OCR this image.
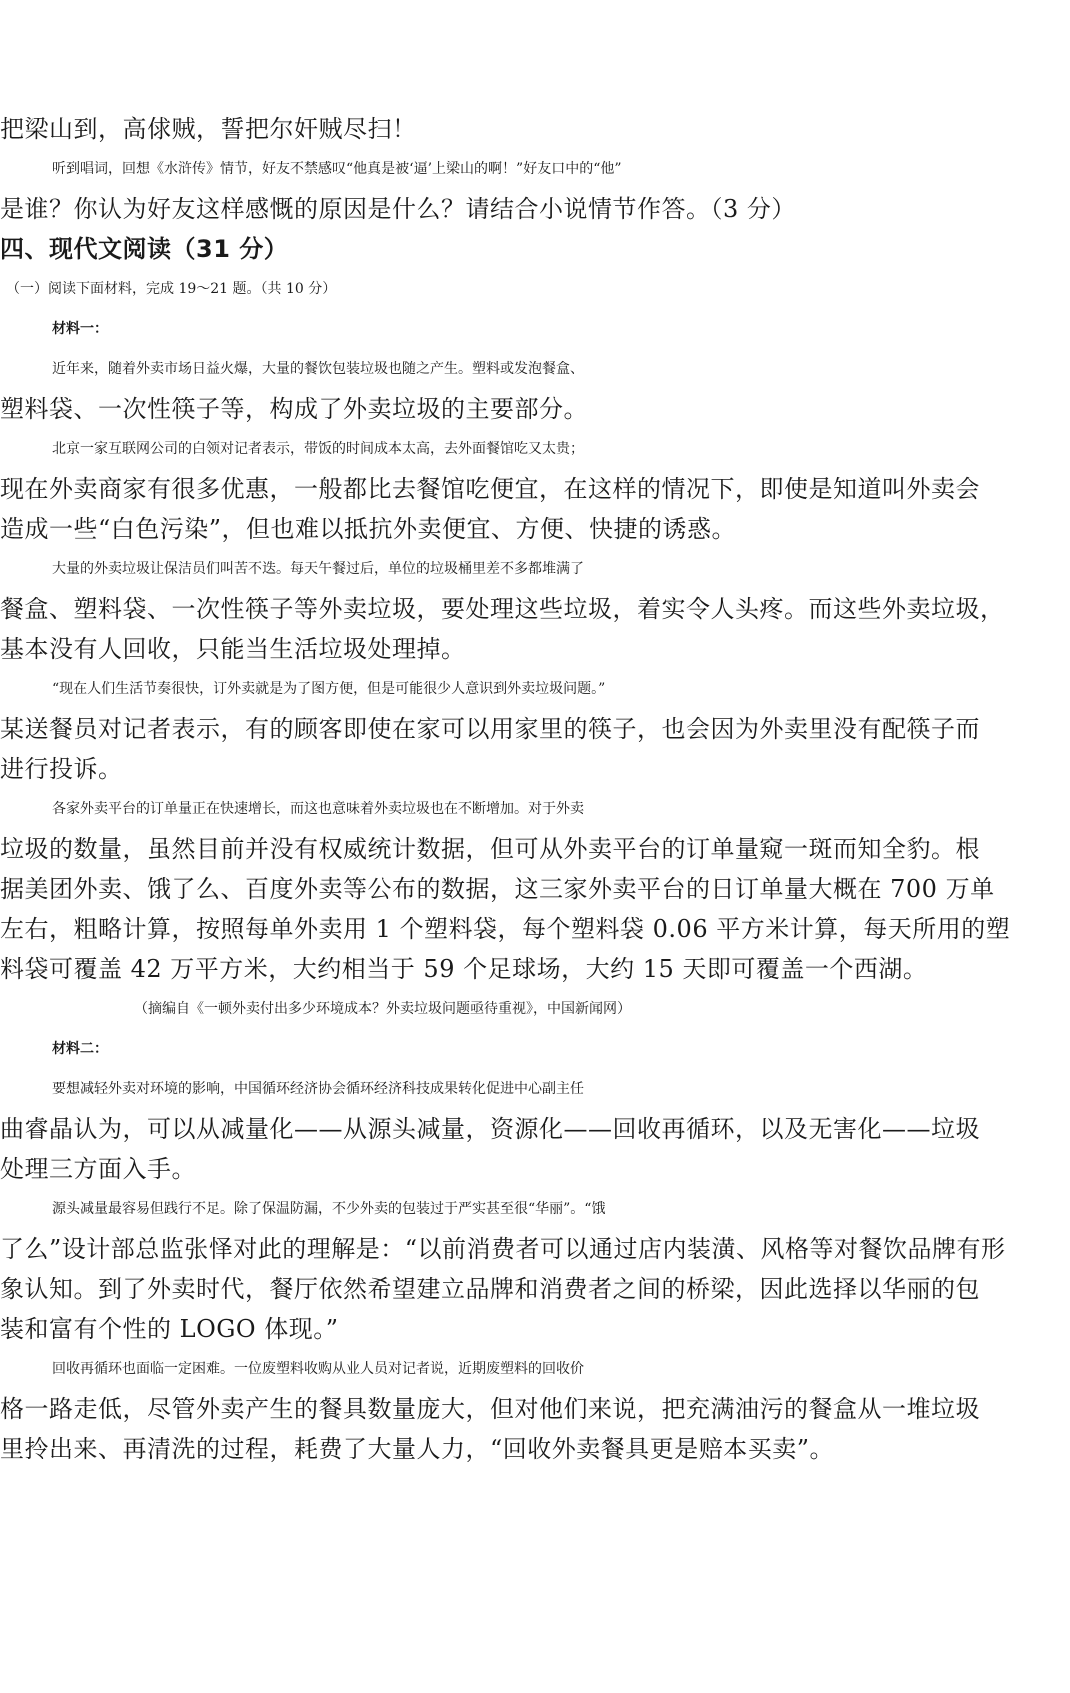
把梁山到，高俅贼，誓把尔奸贼尽扫！
听到唱词，回想《水浒传》情节，好友不禁感叹“他真是被‘逼’上梁山的啊！”好友口中的“他”
是谁？你认为好友这样感慨的原因是什么？请结合小说情节作答。（3 分）
四、现代文阅读（31 分）
（一）阅读下面材料，完成 19～21 题。（共 10 分）
材料一：
近年来，随着外卖市场日益火爆，大量的餐饮包装垃圾也随之产生。塑料或发泡餐盒、
塑料袋、一次性筷子等，构成了外卖垃圾的主要部分。
北京一家互联网公司的白领对记者表示，带饭的时间成本太高，去外面餐馆吃又太贵；
现在外卖商家有很多优惠，一般都比去餐馆吃便宜，在这样的情况下，即使是知道叫外卖会
造成一些“白色污染”，但也难以抵抗外卖便宜、方便、快捷的诱惑。
大量的外卖垃圾让保洁员们叫苦不迭。每天午餐过后，单位的垃圾桶里差不多都堆满了
餐盒、塑料袋、一次性筷子等外卖垃圾，要处理这些垃圾，着实令人头疼。而这些外卖垃圾，
基本没有人回收，只能当生活垃圾处理掉。
“现在人们生活节奏很快，订外卖就是为了图方便，但是可能很少人意识到外卖垃圾问题。”
某送餐员对记者表示，有的顾客即使在家可以用家里的筷子，也会因为外卖里没有配筷子而
进行投诉。
各家外卖平台的订单量正在快速增长，而这也意味着外卖垃圾也在不断增加。对于外卖
垃圾的数量，虽然目前并没有权威统计数据，但可从外卖平台的订单量窥一斑而知全豹。根
据美团外卖、饿了么、百度外卖等公布的数据，这三家外卖平台的日订单量大概在 700 万单
左右，粗略计算，按照每单外卖用 1 个塑料袋，每个塑料袋 0.06 平方米计算，每天所用的塑
料袋可覆盖 42 万平方米，大约相当于 59 个足球场，大约 15 天即可覆盖一个西湖。
（摘编自《一顿外卖付出多少环境成本？外卖垃圾问题亟待重视》，中国新闻网）
材料二：
要想减轻外卖对环境的影响，中国循环经济协会循环经济科技成果转化促进中心副主任
曲睿晶认为，可以从减量化——从源头减量，资源化——回收再循环，以及无害化——垃圾
处理三方面入手。
源头减量最容易但践行不足。除了保温防漏，不少外卖的包装过于严实甚至很“华丽”。“饿
了么”设计部总监张怿对此的理解是：“以前消费者可以通过店内装潢、风格等对餐饮品牌有形
象认知。到了外卖时代，餐厅依然希望建立品牌和消费者之间的桥梁，因此选择以华丽的包
装和富有个性的 LOGO 体现。”
回收再循环也面临一定困难。一位废塑料收购从业人员对记者说，近期废塑料的回收价
格一路走低，尽管外卖产生的餐具数量庞大，但对他们来说，把充满油污的餐盒从一堆垃圾
里拎出来、再清洗的过程，耗费了大量人力，“回收外卖餐具更是赔本买卖”。
